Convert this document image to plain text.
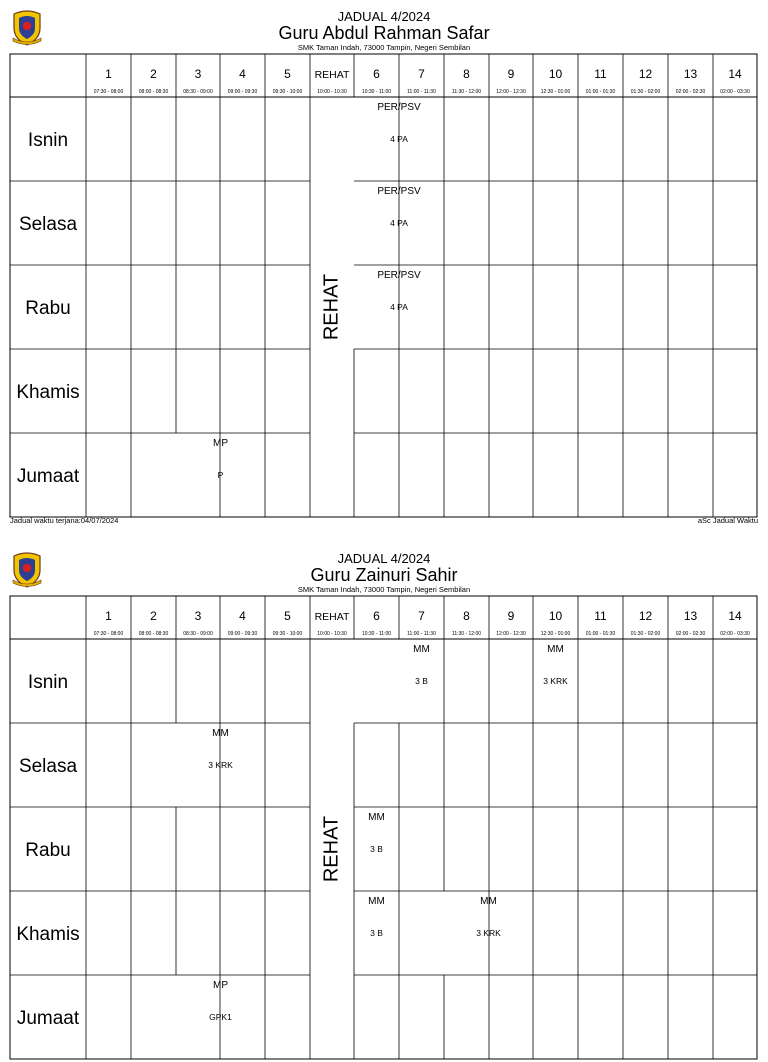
JADUAL 4/2024
Guru Abdul Rahman Safar
SMK Taman Indah, 73000 Tampin, Negeri Sembilan
1
07:30 - 08:00
2
08:00 - 08:30
3
08:30 - 09:00
4
09:00 - 09:30
5
09:30 - 10:00
REHAT
10:00 - 10:30
6
10:30 - 11:00
7
11:00 - 11:30
8
11:30 - 12:00
9
12:00 - 12:30
10
12:30 - 01:00
11
01:00 - 01:30
12
01:30 - 02:00
13
02:00 - 02:30
14
02:00 - 03:30
Isnin
Selasa
Rabu
Khamis
Jumaat
REHAT
PER/PSV
4 PA
PER/PSV
4 PA
PER/PSV
4 PA
MP
P
Jadual waktu terjana:04/07/2024	aSc Jadual Waktu
JADUAL 4/2024
Guru Zainuri Sahir
SMK Taman Indah, 73000 Tampin, Negeri Sembilan
1
07:30 - 08:00
2
08:00 - 08:30
3
08:30 - 09:00
4
09:00 - 09:30
5
09:30 - 10:00
REHAT
10:00 - 10:30
6
10:30 - 11:00
7
11:00 - 11:30
8
11:30 - 12:00
9
12:00 - 12:30
10
12:30 - 01:00
11
01:00 - 01:30
12
01:30 - 02:00
13
02:00 - 02:30
14
02:00 - 03:30
Isnin
Selasa
Rabu
Khamis
Jumaat
REHAT
MM
3 B
MM
3 KRK
MM
3 KRK
MM
3 B
MM
3 B
MM
3 KRK
MP
GPK1
